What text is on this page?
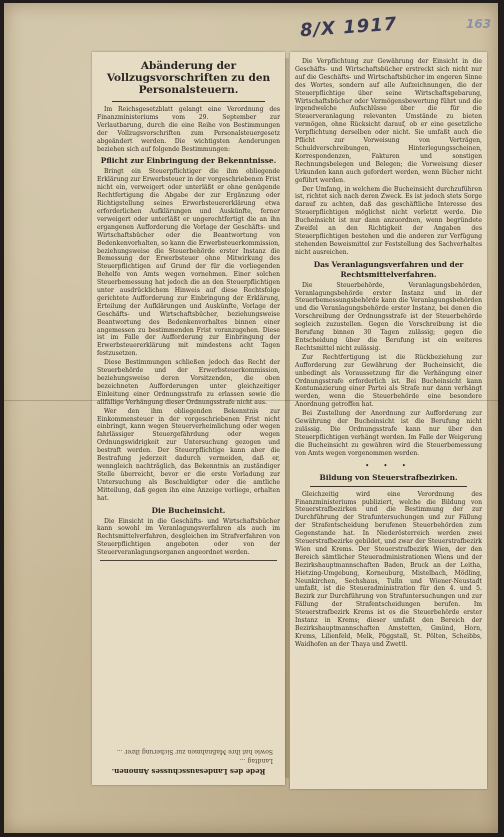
8/X 1917	163
Abänderung der Vollzugsvorschriften zu den Personalsteuern.

Im Reichsgesetzblatt gelangt eine Verordnung des Finanzministeriums vom 29. September zur Verlautbarung, durch die eine Reihe von Bestimmungen der Vollzugsvorschriften zum Personalsteuergesetz abgeändert werden. Die wichtigsten Aenderungen beziehen sich auf folgende Bestimmungen:

Pflicht zur Einbringung der Bekenntnisse.

Bringt ein Steuerpflichtiger die ihm obliegende Erklärung zur Erwerbsteuer in der vorgeschriebenen Frist nicht ein, verweigert oder unterläßt er ohne genügende Rechtfertigung die Abgabe der zur Ergänzung oder Richtigstellung seines Erwerbsteuererklärung etwa erforderlichen Aufklärungen und Auskünfte, ferner verweigert oder unterläßt er ungerechtfertigt die an ihn ergangenen Aufforderung die Vorlage der Geschäfts- und Wirtschaftsbücher oder die Beantwortung von Bedenkenvorhalten, so kann die Erwerbsteuerkommission, beziehungsweise die Steuerbehörde erster Instanz die Bemessung der Erwerbsteuer ohne Mitwirkung des Steuerpflichtigen auf Grund der für die vorliegenden Behelfe von Amts wegen vornehmen. Einer solchen Steuerbemessung hat jedoch die an den Steuerpflichtigen unter ausdrücklichem Hinweis auf diese Rechtsfolge gerichtete Aufforderung zur Einbringung der Erklärung, Erteilung der Aufklärungen und Auskünfte, Vorlage der Geschäfts- und Wirtschaftsbücher, beziehungsweise Beantwortung des Bedenkenvorhaltes binnen einer angemessen zu bestimmenden Frist voranzugehen. Diese ist im Falle der Aufforderung zur Einbringung der Erwerbsteuererklärung mit mindestens acht Tagen festzusetzen.

Diese Bestimmungen schließen jedoch das Recht der Steuerbehörde und der Erwerbsteuerkommission, beziehungsweise deren Vorsitzenden, die oben bezeichneten Aufforderungen unter gleichzeitiger Einleitung einer Ordnungsstrafe zu erlassen sowie die allfällige Verhängung dieser Ordnungsstrafe nicht aus.

Wer den ihm obliegenden Bekenntnis zur Einkommensteuer in der vorgeschriebenen Frist nicht einbringt, kann wegen Steuerverheimlichung oder wegen fahrlässiger Steuergefährdung oder wegen Ordnungswidrigkeit zur Untersuchung gezogen und bestraft werden. Der Steuerpflichtige kann aber die Bestrafung jederzeit dadurch vermeiden, daß er, wenngleich nachträglich, das Bekenntnis an zuständiger Stelle überreicht, bevor er die erste Vorladung zur Untersuchung als Beschuldigter oder die amtliche Mitteilung, daß gegen ihn eine Anzeige vorliege, erhalten hat.

Die Bucheinsicht.

Die Einsicht in die Geschäfts- und Wirtschaftsbücher kann sowohl im Veranlagungsverfahren als auch im Rechtsmittelverfahren, desgleichen im Strafverfahren von Steuerpflichtigen angeboten oder von der Steuerveranlagungsorganen angeordnet werden.

Rede des Landesausschusses Annonen.

Landtag ...

Sowie hat ihre Maßnahmen zur Sicherung ihrer ...

Die Verpflichtung zur Gewährung der Einsicht in die Geschäfts- und Wirtschaftsbücher erstreckt sich nicht nur auf die Geschäfts- und Wirtschaftsbücher im engeren Sinne des Wortes, sondern auf alle Aufzeichnungen, die der Steuerpflichtige über seine Wirtschaftsgebarung, Wirtschaftsbücher oder Vermögensbewertung führt und die irgendwelche Aufschlüsse über die für die Steuerveranlagung relevanten Umstände zu bieten vermögen, ohne Rücksicht darauf, ob er eine gesetzliche Verpflichtung derselben oder nicht. Sie umfaßt auch die Pflicht zur Vorweisung von Verträgen, Schuldverschreibungen, Hinterlegungsscheinen, Korrespondenzen, Fakturen und sonstigen Rechnungsbelegen und Belegen; die Vorweisung dieser Urkunden kann auch gefordert werden, wenn Bücher nicht geführt werden.

Der Umfang, in welchem die Bucheinsicht durchzuführen ist, richtet sich nach deren Zweck. Es ist jedoch stets Sorge darauf zu achten, daß das geschäftliche Interesse des Steuerpflichtigen möglichst nicht verletzt werde. Die Bucheinsicht ist nur dann anzuordnen, wenn begründete Zweifel an den Richtigkeit der Angaben des Steuerpflichtigen bestehen und die anderen zur Verfügung stehenden Beweismittel zur Feststellung des Sachverhaltes nicht ausreichen.

Das Veranlagungsverfahren und der Rechtsmittelverfahren.

Die Steuerbehörde, Veranlagungsbehörden, Veranlagungsbehörde erster Instanz und in der Steuerbemessungsbehörde kann die Veranlagungsbehörden und die Veranlagungsbehörde erster Instanz, bei denen die Vorschreibung der Ordnungsstrafe ist der Steuerbehörde sogleich zuzustellen. Gegen die Vorschreibung ist die Berufung binnen 30 Tagen zulässig; gegen die Entscheidung über die Berufung ist ein weiteres Rechtsmittel nicht zulässig.

Zur Rechtfertigung ist die Rückbeziehung zur Aufforderung zur Gewährung der Bucheinsicht, die unbedingt als Voraussetzung für die Verhängung einer Ordnungsstrafe erforderlich ist. Bei Bucheinsicht kann Kontumazierung einer Partei als Strafe nur dann verhängt werden, wenn die Steuerbehörde eine besondere Anordnung getroffen hat.

Bei Zustellung der Anordnung zur Aufforderung zur Gewährung der Bucheinsicht ist die Berufung nicht zulässig. Die Ordnungsstrafe kann nur über den Steuerpflichtigen verhängt werden. Im Falle der Weigerung die Bucheinsicht zu gewähren wird die Steuerbemessung von Amts wegen vorgenommen werden.

• • •
Bildung von Steuerstrafbezirken.

Gleichzeitig wird eine Verordnung des Finanzministeriums publiziert, welche die Bildung von Steuerstrafbezirken und die Bestimmung der zur Durchführung der Strafuntersuchungen und zur Fällung der Strafentscheidung berufenen Steuerbehörden zum Gegenstande hat. In Niederösterreich werden zwei Steuerstrafbezirke gebildet, und zwar der Steuerstrafbezirk Wien und Krems. Der Steuerstrafbezirk Wien, der den Bereich sämtlicher Steueradministrationen Wiens und der Bezirkshauptmannschaften Baden, Bruck an der Leitha, Hietzing-Umgebung, Korneuburg, Mistelbach, Mödling, Neunkirchen, Sechshaus, Tulln und Wiener-Neustadt umfaßt, ist die Steueradministration für den 4. und 5. Bezirk zur Durchführung von Strafuntersuchungen und zur Fällung der Strafentscheidungen berufen. Im Steuerstrafbezirk Krems ist es die Steuerbehörde erster Instanz in Krems; dieser umfaßt den Bereich der Bezirkshauptmannschaften Amstetten, Gmünd, Horn, Krems, Lilienfeld, Melk, Pöggstall, St. Pölten, Scheibbs, Waidhofen an der Thaya und Zwettl.
